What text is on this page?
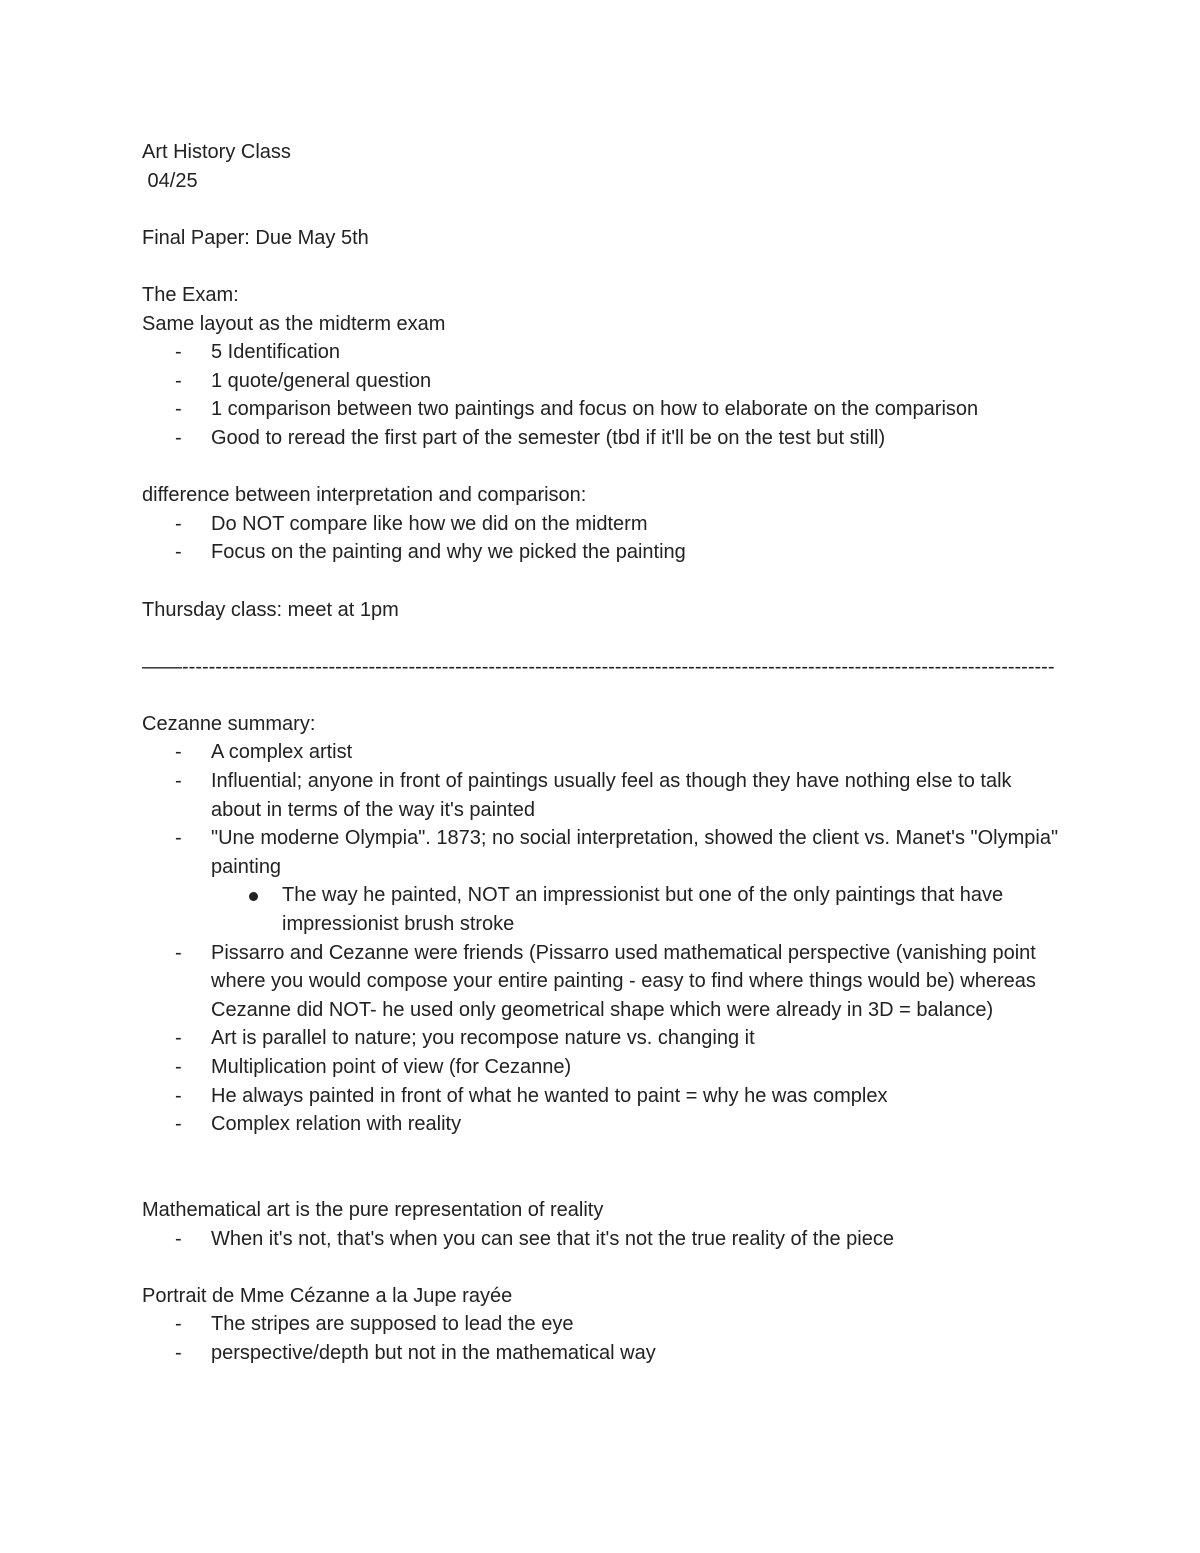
Art History Class
04/25
Final Paper: Due May 5th
The Exam:
Same layout as the midterm exam
- 5 Identification
- 1 quote/general question
- 1 comparison between two paintings and focus on how to elaborate on the comparison
- Good to reread the first part of the semester (tbd if it'll be on the test but still)
difference between interpretation and comparison:
- Do NOT compare like how we did on the midterm
- Focus on the painting and why we picked the painting
Thursday class: meet at 1pm
——-----------------------------------------------------------------------------------------------------------------------------------
Cezanne summary:
- A complex artist
- Influential; anyone in front of paintings usually feel as though they have nothing else to talk about in terms of the way it's painted
- "Une moderne Olympia". 1873; no social interpretation, showed the client vs. Manet's "Olympia" painting
The way he painted, NOT an impressionist but one of the only paintings that have impressionist brush stroke
- Pissarro and Cezanne were friends (Pissarro used mathematical perspective (vanishing point where you would compose your entire painting - easy to find where things would be) whereas Cezanne did NOT- he used only geometrical shape which were already in 3D = balance)
- Art is parallel to nature; you recompose nature vs. changing it
- Multiplication point of view (for Cezanne)
- He always painted in front of what he wanted to paint = why he was complex
- Complex relation with reality
Mathematical art is the pure representation of reality
- When it's not, that's when you can see that it's not the true reality of the piece
Portrait de Mme Cézanne a la Jupe rayée
- The stripes are supposed to lead the eye
- perspective/depth but not in the mathematical way
